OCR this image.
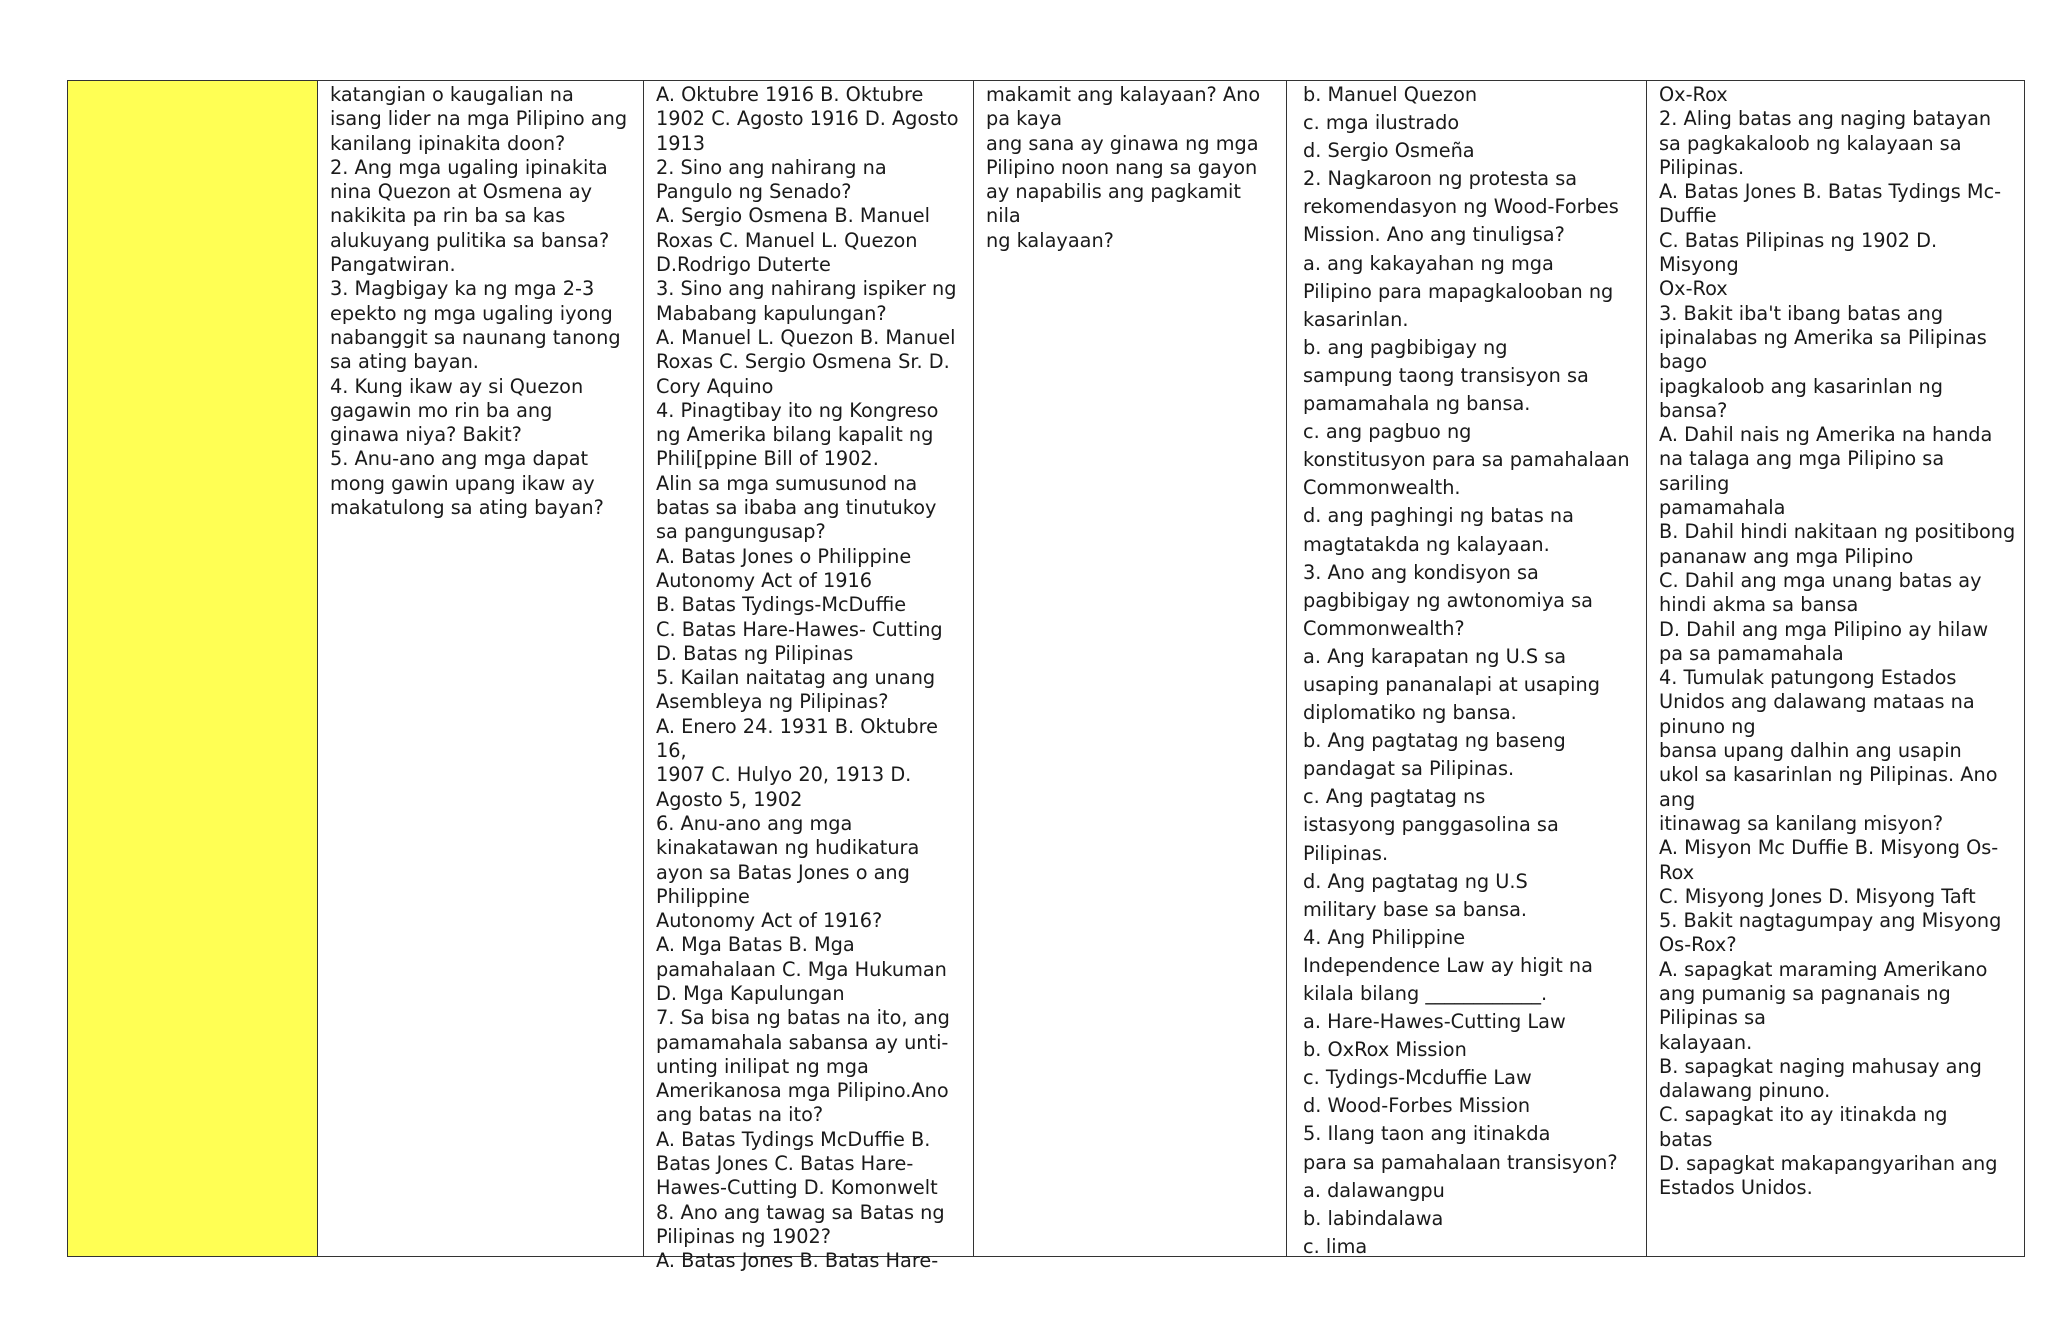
katangian o kaugalian na
isang lider na mga Pilipino ang
kanilang ipinakita doon?
2. Ang mga ugaling ipinakita
nina Quezon at Osmena ay
nakikita pa rin ba sa kas
alukuyang pulitika sa bansa?
Pangatwiran.
3. Magbigay ka ng mga 2-3
epekto ng mga ugaling iyong
nabanggit sa naunang tanong
sa ating bayan.
4. Kung ikaw ay si Quezon
gagawin mo rin ba ang
ginawa niya? Bakit?
5. Anu-ano ang mga dapat
mong gawin upang ikaw ay
makatulong sa ating bayan?
A. Oktubre 1916 B. Oktubre
1902 C. Agosto 1916 D. Agosto
1913
2. Sino ang nahirang na
Pangulo ng Senado?
A. Sergio Osmena B. Manuel
Roxas C. Manuel L. Quezon
D.Rodrigo Duterte
3. Sino ang nahirang ispiker ng
Mababang kapulungan?
A. Manuel L. Quezon B. Manuel
Roxas C. Sergio Osmena Sr. D.
Cory Aquino
4. Pinagtibay ito ng Kongreso
ng Amerika bilang kapalit ng
Phili[ppine Bill of 1902.
Alin sa mga sumusunod na
batas sa ibaba ang tinutukoy
sa pangungusap?
A. Batas Jones o Philippine
Autonomy Act of 1916
B. Batas Tydings-McDuffie
C. Batas Hare-Hawes- Cutting
D. Batas ng Pilipinas
5. Kailan naitatag ang unang
Asembleya ng Pilipinas?
A. Enero 24. 1931 B. Oktubre 16,
1907 C. Hulyo 20, 1913 D.
Agosto 5, 1902
6. Anu-ano ang mga
kinakatawan ng hudikatura
ayon sa Batas Jones o ang
Philippine
Autonomy Act of 1916?
A. Mga Batas B. Mga
pamahalaan C. Mga Hukuman
D. Mga Kapulungan
7. Sa bisa ng batas na ito, ang
pamamahala sabansa ay unti-
unting inilipat ng mga
Amerikanosa mga Pilipino.Ano
ang batas na ito?
A. Batas Tydings McDuffie B.
Batas Jones C. Batas Hare-
Hawes-Cutting D. Komonwelt
8. Ano ang tawag sa Batas ng
Pilipinas ng 1902?
A. Batas Jones B. Batas Hare-
makamit ang kalayaan? Ano
pa kaya
ang sana ay ginawa ng mga
Pilipino noon nang sa gayon
ay napabilis ang pagkamit
nila
ng kalayaan?
b. Manuel Quezon
c. mga ilustrado
d. Sergio Osmeña
2. Nagkaroon ng protesta sa
rekomendasyon ng Wood-Forbes
Mission. Ano ang tinuligsa?
a. ang kakayahan ng mga
Pilipino para mapagkalooban ng
kasarinlan.
b. ang pagbibigay ng
sampung taong transisyon sa
pamamahala ng bansa.
c. ang pagbuo ng
konstitusyon para sa pamahalaan
Commonwealth.
d. ang paghingi ng batas na
magtatakda ng kalayaan.
3. Ano ang kondisyon sa
pagbibigay ng awtonomiya sa
Commonwealth?
a. Ang karapatan ng U.S sa
usaping pananalapi at usaping
diplomatiko ng bansa.
b. Ang pagtatag ng baseng
pandagat sa Pilipinas.
c. Ang pagtatag ns
istasyong panggasolina sa
Pilipinas.
d. Ang pagtatag ng U.S
military base sa bansa.
4. Ang Philippine
Independence Law ay higit na
kilala bilang ____________.
a. Hare-Hawes-Cutting Law
b. OxRox Mission
c. Tydings-Mcduffie Law
d. Wood-Forbes Mission
5. Ilang taon ang itinakda
para sa pamahalaan transisyon?
a. dalawangpu
b. labindalawa
c. lima
Ox-Rox
2. Aling batas ang naging batayan
sa pagkakaloob ng kalayaan sa
Pilipinas.
A. Batas Jones B. Batas Tydings Mc-
Duffie
C. Batas Pilipinas ng 1902 D. Misyong
Ox-Rox
3. Bakit iba't ibang batas ang
ipinalabas ng Amerika sa Pilipinas
bago
ipagkaloob ang kasarinlan ng
bansa?
A. Dahil nais ng Amerika na handa
na talaga ang mga Pilipino sa
sariling
pamamahala
B. Dahil hindi nakitaan ng positibong
pananaw ang mga Pilipino
C. Dahil ang mga unang batas ay
hindi akma sa bansa
D. Dahil ang mga Pilipino ay hilaw
pa sa pamamahala
4. Tumulak patungong Estados
Unidos ang dalawang mataas na
pinuno ng
bansa upang dalhin ang usapin
ukol sa kasarinlan ng Pilipinas. Ano
ang
itinawag sa kanilang misyon?
A. Misyon Mc Duffie B. Misyong Os-
Rox
C. Misyong Jones D. Misyong Taft
5. Bakit nagtagumpay ang Misyong
Os-Rox?
A. sapagkat maraming Amerikano
ang pumanig sa pagnanais ng
Pilipinas sa
kalayaan.
B. sapagkat naging mahusay ang
dalawang pinuno.
C. sapagkat ito ay itinakda ng
batas
D. sapagkat makapangyarihan ang
Estados Unidos.
